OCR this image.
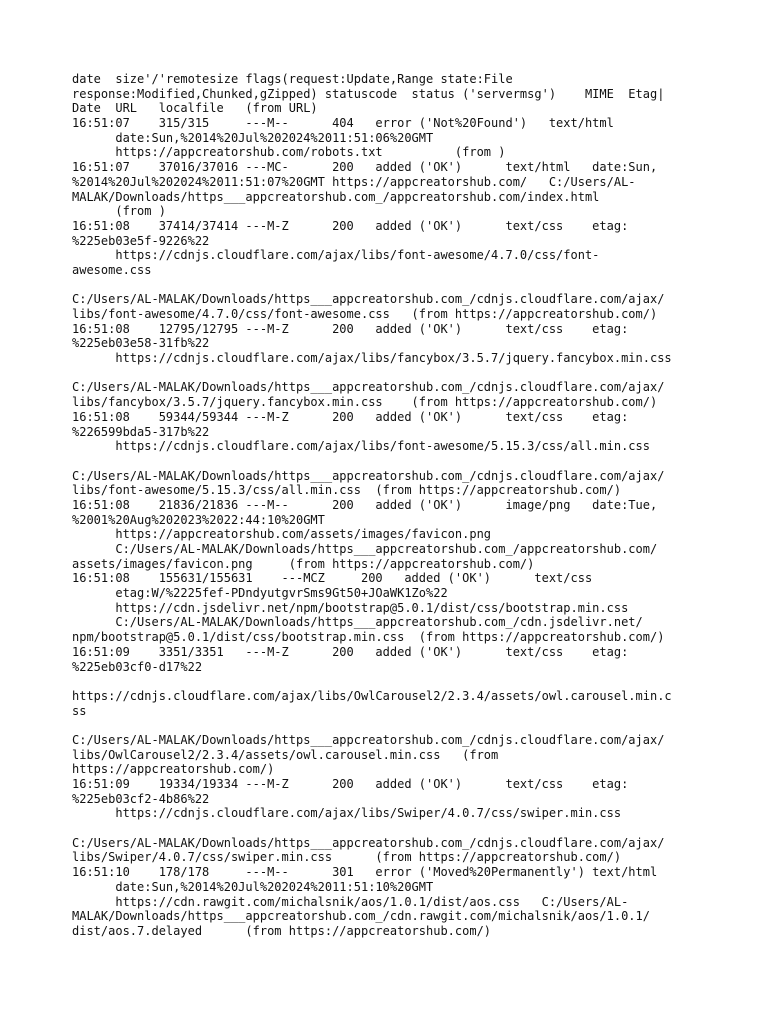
date  size'/'remotesize flags(request:Update,Range state:File
response:Modified,Chunked,gZipped) statuscode  status ('servermsg')    MIME  Etag|
Date  URL   localfile   (from URL)
16:51:07    315/315     ---M--      404   error ('Not%20Found')   text/html
date:Sun,%2014%20Jul%202024%2011:51:06%20GMT
https://appcreatorshub.com/robots.txt          (from )
16:51:07    37016/37016 ---MC-      200   added ('OK')      text/html   date:Sun,
%2014%20Jul%202024%2011:51:07%20GMT https://appcreatorshub.com/   C:/Users/AL-
MALAK/Downloads/https___appcreatorshub.com_/appcreatorshub.com/index.html
(from )
16:51:08    37414/37414 ---M-Z      200   added ('OK')      text/css    etag:
%225eb03e5f-9226%22
https://cdnjs.cloudflare.com/ajax/libs/font-awesome/4.7.0/css/font-
awesome.css
C:/Users/AL-MALAK/Downloads/https___appcreatorshub.com_/cdnjs.cloudflare.com/ajax/
libs/font-awesome/4.7.0/css/font-awesome.css   (from https://appcreatorshub.com/)
16:51:08    12795/12795 ---M-Z      200   added ('OK')      text/css    etag:
%225eb03e58-31fb%22
https://cdnjs.cloudflare.com/ajax/libs/fancybox/3.5.7/jquery.fancybox.min.css
C:/Users/AL-MALAK/Downloads/https___appcreatorshub.com_/cdnjs.cloudflare.com/ajax/
libs/fancybox/3.5.7/jquery.fancybox.min.css    (from https://appcreatorshub.com/)
16:51:08    59344/59344 ---M-Z      200   added ('OK')      text/css    etag:
%226599bda5-317b%22
https://cdnjs.cloudflare.com/ajax/libs/font-awesome/5.15.3/css/all.min.css
C:/Users/AL-MALAK/Downloads/https___appcreatorshub.com_/cdnjs.cloudflare.com/ajax/
libs/font-awesome/5.15.3/css/all.min.css  (from https://appcreatorshub.com/)
16:51:08    21836/21836 ---M--      200   added ('OK')      image/png   date:Tue,
%2001%20Aug%202023%2022:44:10%20GMT
https://appcreatorshub.com/assets/images/favicon.png
C:/Users/AL-MALAK/Downloads/https___appcreatorshub.com_/appcreatorshub.com/
assets/images/favicon.png     (from https://appcreatorshub.com/)
16:51:08    155631/155631    ---MCZ     200   added ('OK')      text/css
etag:W/%2225fef-PDndyutgvrSms9Gt50+JOaWK1Zo%22
https://cdn.jsdelivr.net/npm/bootstrap@5.0.1/dist/css/bootstrap.min.css
C:/Users/AL-MALAK/Downloads/https___appcreatorshub.com_/cdn.jsdelivr.net/
npm/bootstrap@5.0.1/dist/css/bootstrap.min.css  (from https://appcreatorshub.com/)
16:51:09    3351/3351   ---M-Z      200   added ('OK')      text/css    etag:
%225eb03cf0-d17%22
https://cdnjs.cloudflare.com/ajax/libs/OwlCarousel2/2.3.4/assets/owl.carousel.min.c
ss
C:/Users/AL-MALAK/Downloads/https___appcreatorshub.com_/cdnjs.cloudflare.com/ajax/
libs/OwlCarousel2/2.3.4/assets/owl.carousel.min.css   (from
https://appcreatorshub.com/)
16:51:09    19334/19334 ---M-Z      200   added ('OK')      text/css    etag:
%225eb03cf2-4b86%22
https://cdnjs.cloudflare.com/ajax/libs/Swiper/4.0.7/css/swiper.min.css
C:/Users/AL-MALAK/Downloads/https___appcreatorshub.com_/cdnjs.cloudflare.com/ajax/
libs/Swiper/4.0.7/css/swiper.min.css      (from https://appcreatorshub.com/)
16:51:10    178/178     ---M--      301   error ('Moved%20Permanently') text/html
date:Sun,%2014%20Jul%202024%2011:51:10%20GMT
https://cdn.rawgit.com/michalsnik/aos/1.0.1/dist/aos.css   C:/Users/AL-
MALAK/Downloads/https___appcreatorshub.com_/cdn.rawgit.com/michalsnik/aos/1.0.1/
dist/aos.7.delayed      (from https://appcreatorshub.com/)
